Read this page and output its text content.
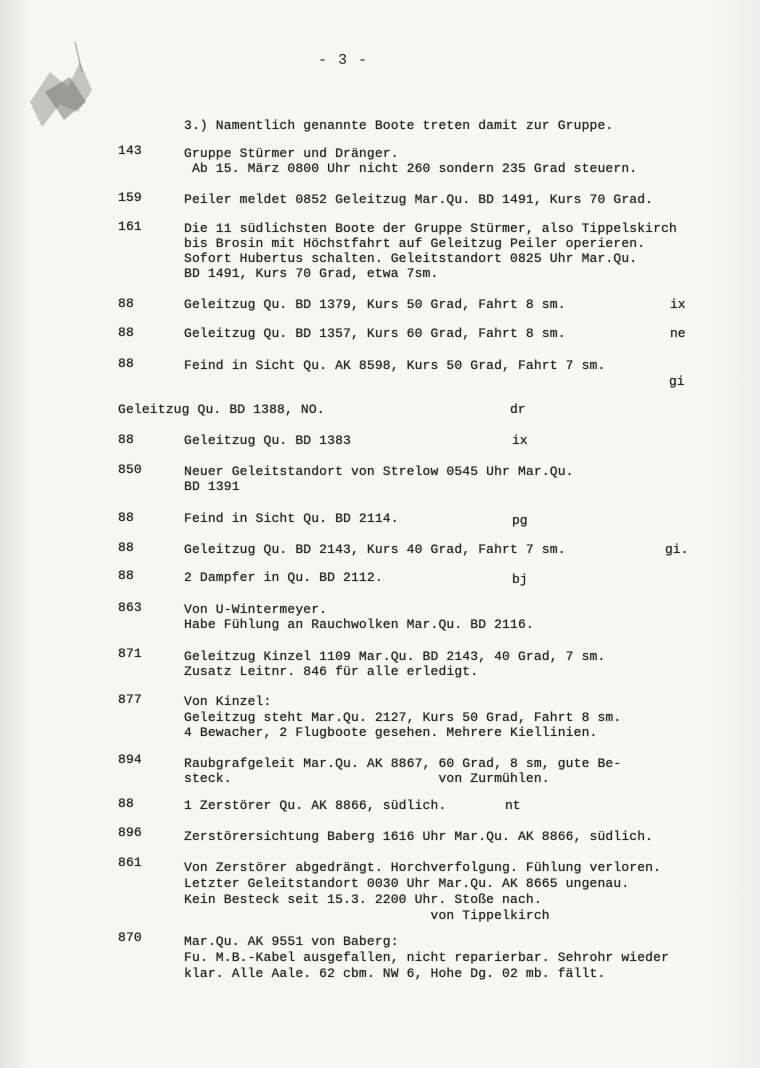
- 3 -
3.) Namentlich genannte Boote treten damit zur Gruppe.
143	Gruppe Stürmer und Dränger.
Ab 15. März 0800 Uhr nicht 260 sondern 235 Grad steuern.
159	Peiler meldet 0852 Geleitzug Mar.Qu. BD 1491, Kurs 70 Grad.
161	Die 11 südlichsten Boote der Gruppe Stürmer, also Tippelskirch
bis Brosin mit Höchstfahrt auf Geleitzug Peiler operieren.
Sofort Hubertus schalten. Geleitstandort 0825 Uhr Mar.Qu.
BD 1491, Kurs 70 Grad, etwa 7sm.
88	Geleitzug Qu. BD 1379, Kurs 50 Grad, Fahrt 8 sm.	ix
88	Geleitzug Qu. BD 1357, Kurs 60 Grad, Fahrt 8 sm.	ne
88	Feind in Sicht Qu. AK 8598, Kurs 50 Grad, Fahrt 7 sm.
gi
Geleitzug Qu. BD 1388, NO.	dr
88	Geleitzug Qu. BD 1383	ix
850	Neuer Geleitstandort von Strelow 0545 Uhr Mar.Qu.
BD 1391
88	Feind in Sicht Qu. BD 2114.	pg
88	Geleitzug Qu. BD 2143, Kurs 40 Grad, Fahrt 7 sm.	gi.
88	2 Dampfer in Qu. BD 2112.	bj
863	Von U-Wintermeyer.
Habe Fühlung an Rauchwolken Mar.Qu. BD 2116.
871	Geleitzug Kinzel 1109 Mar.Qu. BD 2143, 40 Grad, 7 sm.
Zusatz Leitnr. 846 für alle erledigt.
877	Von Kinzel:
Geleitzug steht Mar.Qu. 2127, Kurs 50 Grad, Fahrt 8 sm.
4 Bewacher, 2 Flugboote gesehen. Mehrere Kiellinien.
894	Raubgrafgeleit Mar.Qu. AK 8867, 60 Grad, 8 sm, gute Be-
steck.                          von Zurmühlen.
88	1 Zerstörer Qu. AK 8866, südlich.	nt
896	Zerstörersichtung Baberg 1616 Uhr Mar.Qu. AK 8866, südlich.
861	Von Zerstörer abgedrängt. Horchverfolgung. Fühlung verloren.
Letzter Geleitstandort 0030 Uhr Mar.Qu. AK 8665 ungenau.
Kein Besteck seit 15.3. 2200 Uhr. Stoße nach.
von Tippelkirch
870	Mar.Qu. AK 9551 von Baberg:
Fu. M.B.-Kabel ausgefallen, nicht reparierbar. Sehrohr wieder
klar. Alle Aale. 62 cbm. NW 6, Hohe Dg. 02 mb. fällt.
